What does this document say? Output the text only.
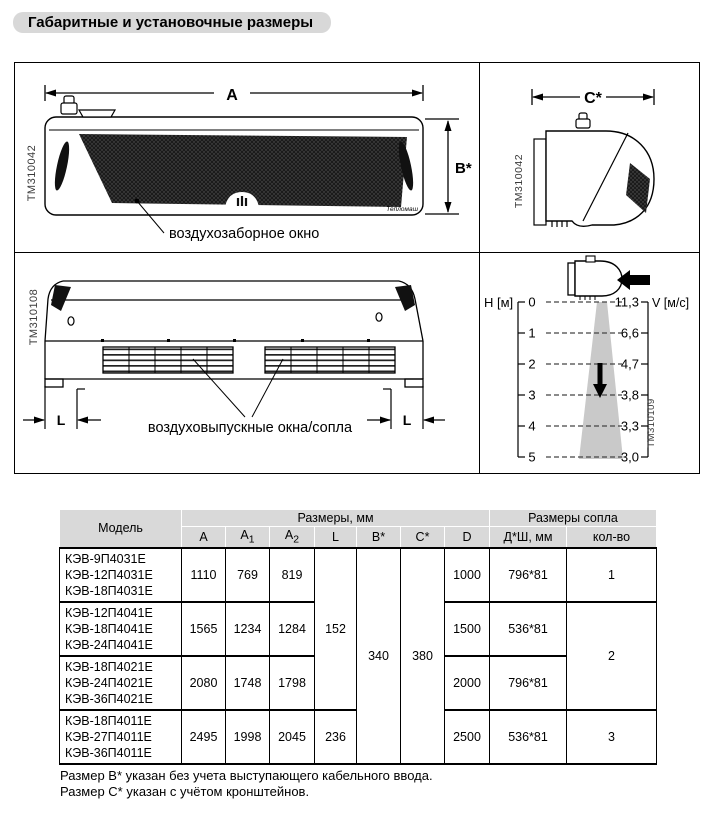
Габаритные и установочные размеры
A
Тепломаш
B*
воздухозаборное окно
ТМ310042
C*
ТМ310042
L	L
воздуховыпускные окна/сопла
ТМ310108	H [м]	V [м/с]
0
1
2
3
4
5
11,3
6,6
4,7
3,8
3,3
3,0
ТМ310109
Модель	Размеры, мм							Размеры сопла	
	A	$A_1$	$A_2$	L	B*	C*	D	Д*Ш, мм	кол-во

КЭВ-9П4031Е
КЭВ-12П4031Е
КЭВ-18П4031Е	1110	769	819	152	340	380	1000	796*81	1

КЭВ-12П4041Е
КЭВ-18П4041Е
КЭВ-24П4041Е	1565	1234	1284				1500	536*81	2

КЭВ-18П4021Е
КЭВ-24П4021Е
КЭВ-36П4021Е	2080	1748	1798				2000	796*81	

КЭВ-18П4011Е
КЭВ-27П4011Е
КЭВ-36П4011Е	2495	1998	2045	236			2500	536*81	3
Размер В* указан без учета выступающего кабельного ввода.
Размер С* указан с учётом кронштейнов.
